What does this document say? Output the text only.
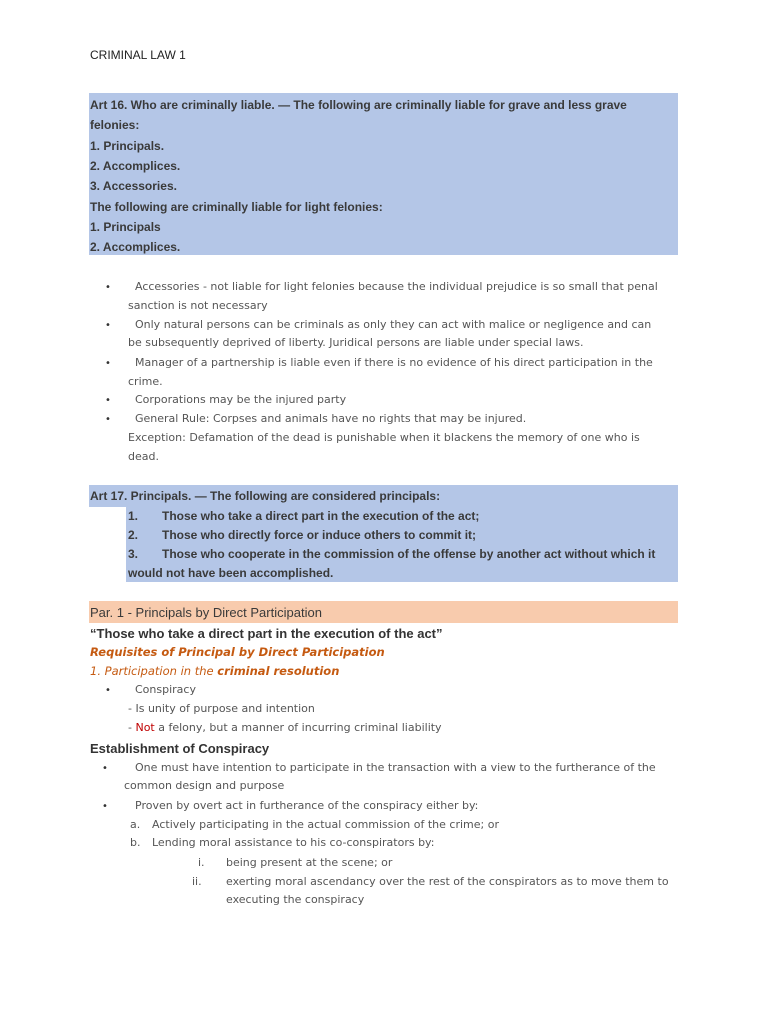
CRIMINAL LAW 1
Art 16. Who are criminally liable. — The following are criminally liable for grave and less grave
felonies:
1. Principals.
2. Accomplices.
3. Accessories.
The following are criminally liable for light felonies:
1. Principals
2. Accomplices.
• Accessories - not liable for light felonies because the individual prejudice is so small that penal
sanction is not necessary
• Only natural persons can be criminals as only they can act with malice or negligence and can
be subsequently deprived of liberty. Juridical persons are liable under special laws.
• Manager of a partnership is liable even if there is no evidence of his direct participation in the
crime.
• Corporations may be the injured party
• General Rule: Corpses and animals have no rights that may be injured.
Exception: Defamation of the dead is punishable when it blackens the memory of one who is
dead.
Art 17. Principals. — The following are considered principals:
1. Those who take a direct part in the execution of the act;
2. Those who directly force or induce others to commit it;
3. Those who cooperate in the commission of the offense by another act without which it
would not have been accomplished.
Par. 1 - Principals by Direct Participation
“Those who take a direct part in the execution of the act”
Requisites of Principal by Direct Participation
1. Participation in the criminal resolution
• Conspiracy
- Is unity of purpose and intention
- Not a felony, but a manner of incurring criminal liability
Establishment of Conspiracy
• One must have intention to participate in the transaction with a view to the furtherance of the
common design and purpose
• Proven by overt act in furtherance of the conspiracy either by:
a. Actively participating in the actual commission of the crime; or
b. Lending moral assistance to his co-conspirators by:
i. being present at the scene; or
ii. exerting moral ascendancy over the rest of the conspirators as to move them to
executing the conspiracy
